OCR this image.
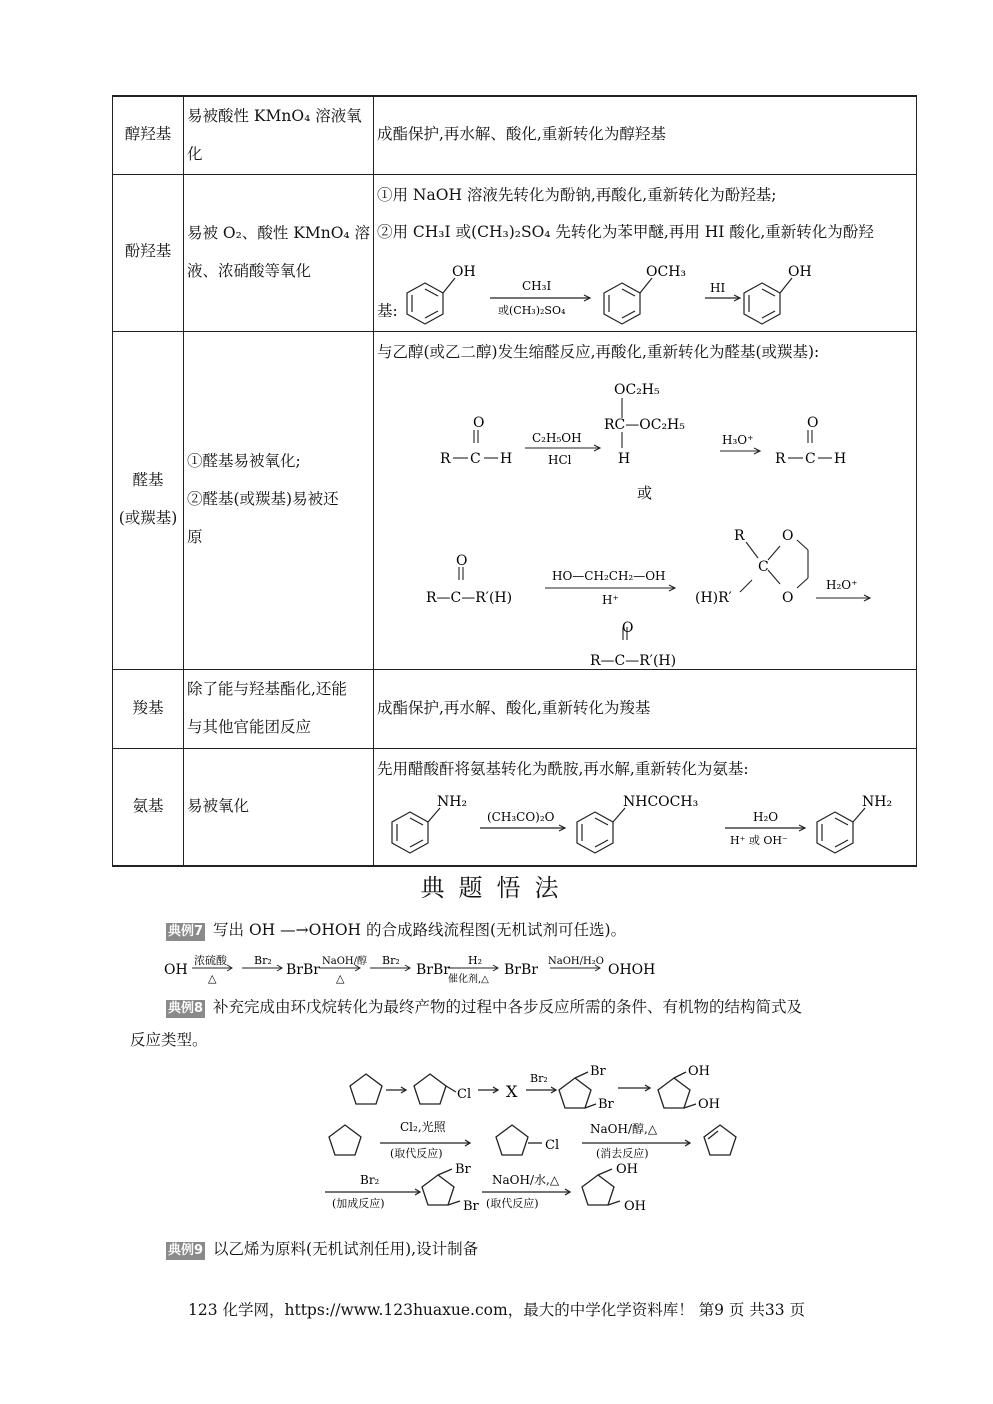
醇羟基
易被酸性 KMnO₄ 溶液氧化
成酯保护,再水解、酸化,重新转化为醇羟基
酚羟基
易被 O₂、酸性 KMnO₄ 溶液、浓硝酸等氧化
①用 NaOH 溶液先转化为酚钠,再酸化,重新转化为酚羟基;
②用 CH₃I 或(CH₃)₂SO₄ 先转化为苯甲醚,再用 HI 酸化,重新转化为酚羟
基:
OH
CH₃I
或(CH₃)₂SO₄
OCH₃
HI
OH
醛基
(或羰基)
①醛基易被氧化;
②醛基(或羰基)易被还
原
与乙醇(或乙二醇)发生缩醛反应,再酸化,重新转化为醛基(或羰基):
O
R C H
C₂H₅OH
HCl
OC₂H₅
RC—OC₂H₅
H
H₃O⁺
O
R C H
或
O
R—C—R′(H)
HO—CH₂CH₂—OH
H⁺
R
C
O
O
(H)R′
H₂O⁺
O
R—C—R′(H)
羧基
除了能与羟基酯化,还能
与其他官能团反应
成酯保护,再水解、酸化,重新转化为羧基
氨基	易被氧化
先用醋酸酐将氨基转化为酰胺,再水解,重新转化为氨基:
NH₂
(CH₃CO)₂O
NHCOCH₃
H₂O
H⁺ 或 OH⁻
NH₂
典题悟法
典例7 写出 OH —→OHOH 的合成路线流程图(无机试剂可任选)。
OH
浓硫酸
△
Br₂
BrBr
NaOH/醇
△
Br₂
BrBr
H₂
催化剂,△
BrBr
NaOH/H₂O
OHOH
典例8 补充完成由环戊烷转化为最终产物的过程中各步反应所需的条件、有机物的结构简式及
反应类型。
Cl X
Br₂	Br
Br
OH
OH
Cl₂,光照
(取代反应)
Cl
NaOH/醇,△
(消去反应)
Br₂
(加成反应)
Br
Br
NaOH/水,△
(取代反应)
OH
OH
典例9 以乙烯为原料(无机试剂任用),设计制备
123 化学网，https://www.123huaxue.com，最大的中学化学资料库！ 第9 页 共33 页
